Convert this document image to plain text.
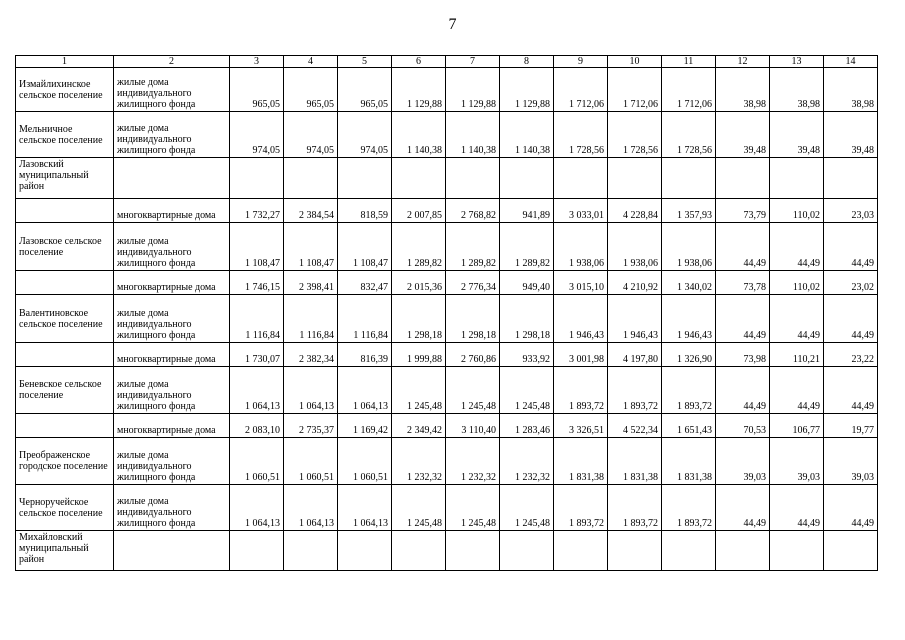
7
1	2	3	4	5	6	7	8	9	10	11	12	13	14
Измайлихинское сельское поселение	жилые дома индивидуального жилищного фонда	965,05	965,05	965,05	1 129,88	1 129,88	1 129,88	1 712,06	1 712,06	1 712,06	38,98	38,98	38,98
Мельничное сельское поселение	жилые дома индивидуального жилищного фонда	974,05	974,05	974,05	1 140,38	1 140,38	1 140,38	1 728,56	1 728,56	1 728,56	39,48	39,48	39,48
Лазовский муниципальный район													
	многоквартирные дома	1 732,27	2 384,54	818,59	2 007,85	2 768,82	941,89	3 033,01	4 228,84	1 357,93	73,79	110,02	23,03
Лазовское сельское поселение	жилые дома индивидуального жилищного фонда	1 108,47	1 108,47	1 108,47	1 289,82	1 289,82	1 289,82	1 938,06	1 938,06	1 938,06	44,49	44,49	44,49
	многоквартирные дома	1 746,15	2 398,41	832,47	2 015,36	2 776,34	949,40	3 015,10	4 210,92	1 340,02	73,78	110,02	23,02
Валентиновское сельское поселение	жилые дома индивидуального жилищного фонда	1 116,84	1 116,84	1 116,84	1 298,18	1 298,18	1 298,18	1 946,43	1 946,43	1 946,43	44,49	44,49	44,49
	многоквартирные дома	1 730,07	2 382,34	816,39	1 999,88	2 760,86	933,92	3 001,98	4 197,80	1 326,90	73,98	110,21	23,22
Беневское сельское поселение	жилые дома индивидуального жилищного фонда	1 064,13	1 064,13	1 064,13	1 245,48	1 245,48	1 245,48	1 893,72	1 893,72	1 893,72	44,49	44,49	44,49
	многоквартирные дома	2 083,10	2 735,37	1 169,42	2 349,42	3 110,40	1 283,46	3 326,51	4 522,34	1 651,43	70,53	106,77	19,77
Преображенское городское поселение	жилые дома индивидуального жилищного фонда	1 060,51	1 060,51	1 060,51	1 232,32	1 232,32	1 232,32	1 831,38	1 831,38	1 831,38	39,03	39,03	39,03
Черноручейское сельское поселение	жилые дома индивидуального жилищного фонда	1 064,13	1 064,13	1 064,13	1 245,48	1 245,48	1 245,48	1 893,72	1 893,72	1 893,72	44,49	44,49	44,49
Михайловский муниципальный район													
